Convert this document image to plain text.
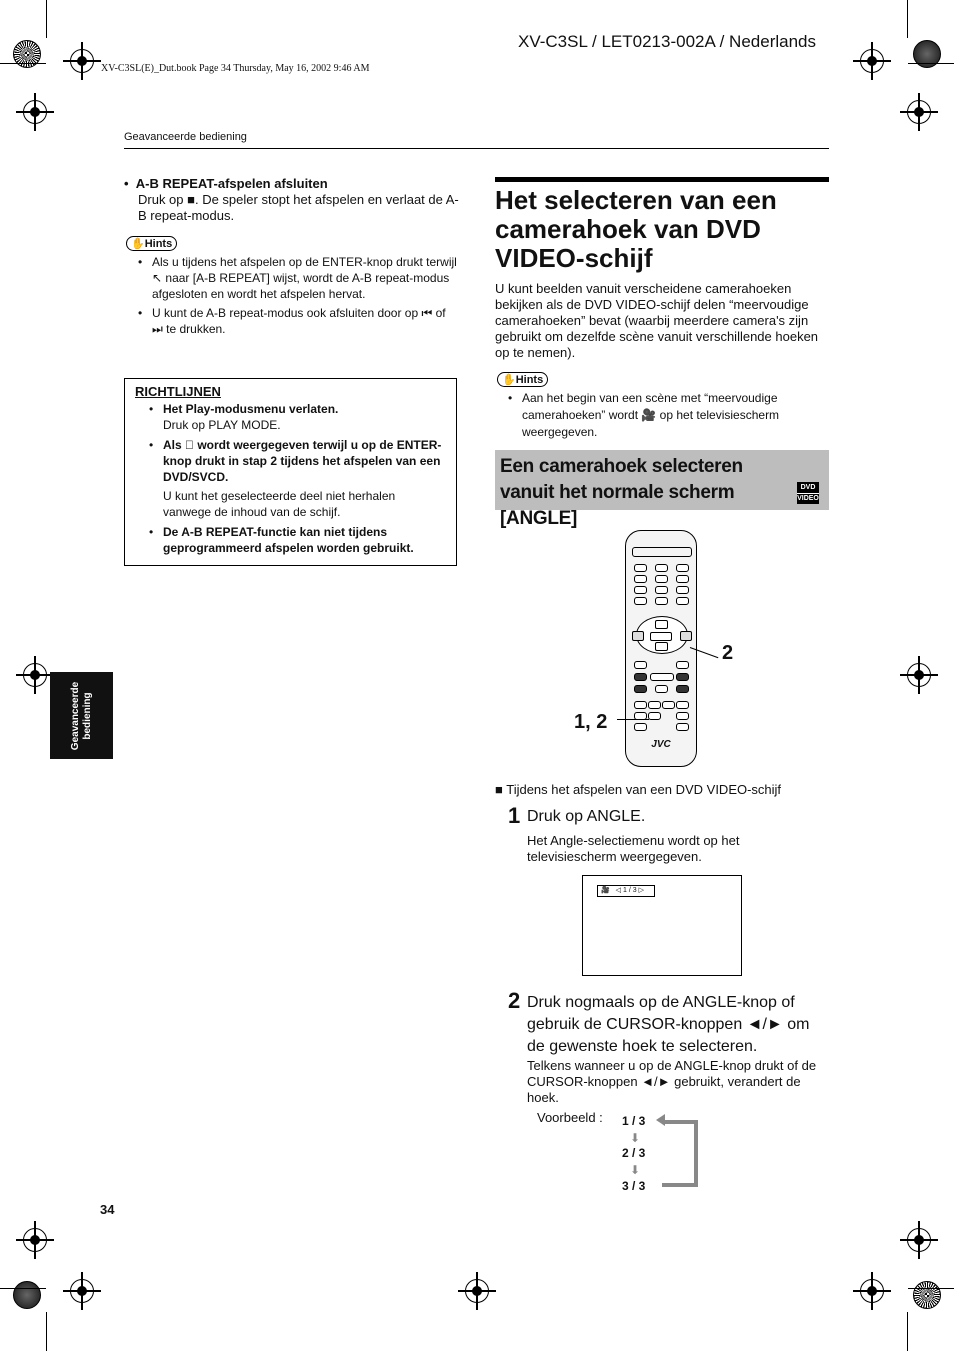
XV-C3SL / LET0213-002A / Nederlands
XV-C3SL(E)_Dut.book Page 34 Thursday, May 16, 2002 9:46 AM
Geavanceerde bediening
•  A-B REPEAT-afspelen afsluiten
Druk op ■. De speler stopt het afspelen en verlaat de A-B repeat-modus.
✋Hints
• Als u tijdens het afspelen op de ENTER-knop drukt terwijl ↖ naar [A-B REPEAT] wijst, wordt de A-B repeat-modus afgesloten en wordt het afspelen hervat.
• U kunt de A-B repeat-modus ook afsluiten door op ⏮ of ⏭ te drukken.
RICHTLIJNEN
• Het Play-modusmenu verlaten.
Druk op PLAY MODE.
• Als ⃠ wordt weergegeven terwijl u op de ENTER-knop drukt in stap 2 tijdens het afspelen van een DVD/SVCD.
U kunt het geselecteerde deel niet herhalen vanwege de inhoud van de schijf.
• De A-B REPEAT-functie kan niet tijdens geprogrammeerd afspelen worden gebruikt.
Geavanceerde bediening
34
Het selecteren van een camerahoek van DVD VIDEO-schijf
U kunt beelden vanuit verscheidene camerahoeken bekijken als de DVD VIDEO-schijf delen “meervoudige camerahoeken” bevat (waarbij meerdere camera's zijn gebruikt om dezelfde scène vanuit verschillende hoeken op te nemen).
✋Hints
• Aan het begin van een scène met “meervoudige camerahoeken” wordt 🎥 op het televisiescherm weergegeven.
Een camerahoek selecteren vanuit het normale scherm [ANGLE]
DVD
VIDEO
JVC
2
1, 2
■ Tijdens het afspelen van een DVD VIDEO-schijf
1 Druk op ANGLE.
Het Angle-selectiemenu wordt op het televisiescherm weergegeven.
🎥 ◁ 1 / 3 ▷
2 Druk nogmaals op de ANGLE-knop of gebruik de CURSOR-knoppen ◄/► om de gewenste hoek te selecteren.
Telkens wanneer u op de ANGLE-knop drukt of de CURSOR-knoppen ◄/► gebruikt, verandert de hoek.
Voorbeeld : 1 / 3
⬇
2 / 3
⬇
3 / 3
